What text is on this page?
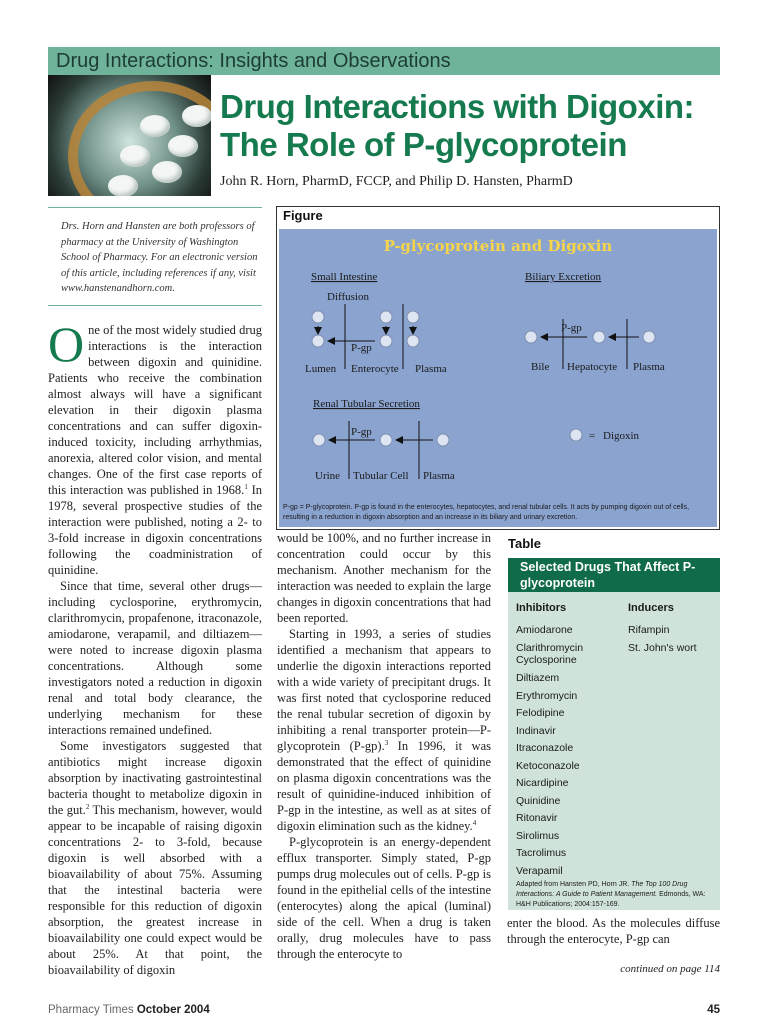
Drug Interactions: Insights and Observations
Drug Interactions with Digoxin:
The Role of P-glycoprotein
John R. Horn, PharmD, FCCP, and Philip D. Hansten, PharmD
Drs. Horn and Hansten are both professors of pharmacy at the University of Washington School of Pharmacy. For an electronic version of this article, including references if any, visit www.hanstenandhorn.com.

One of the most widely studied drug interactions is the interaction between digoxin and quinidine. Patients who receive the combination almost always will have a significant elevation in their digoxin plasma concentrations and can suffer digoxin-induced toxicity, including arrhythmias, anorexia, altered color vision, and mental changes. One of the first case reports of this interaction was published in 1968.$^1$ In 1978, several prospective studies of the interaction were published, noting a 2- to 3-fold increase in digoxin concentrations following the coadministration of quinidine.

Since that time, several other drugs—including cyclosporine, erythromycin, clarithromycin, propafenone, itraconazole, amiodarone, verapamil, and diltiazem—were noted to increase digoxin plasma concentrations. Although some investigators noted a reduction in digoxin renal and total body clearance, the underlying mechanism for these interactions remained undefined.

Some investigators suggested that antibiotics might increase digoxin absorption by inactivating gastrointestinal bacteria thought to metabolize digoxin in the gut.$^2$ This mechanism, however, would appear to be incapable of raising digoxin concentrations 2- to 3-fold, because digoxin is well absorbed with a bioavailability of about 75%. Assuming that the intestinal bacteria were responsible for this reduction of digoxin absorption, the greatest increase in bioavailability one could expect would be about 25%. At that point, the bioavailability of digoxin

Figure
P-glycoprotein and Digoxin
Small Intestine
Diffusion
P-gp
Lumen Enterocyte Plasma
Biliary Excretion
P-gp
Bile Hepatocyte Plasma
Renal Tubular Secretion
P-gp
Urine Tubular Cell Plasma
= Digoxin
P-gp = P-glycoprotein. P-gp is found in the enterocytes, hepatocytes, and renal tubular cells. It acts by pumping digoxin out of cells, resulting in a reduction in digoxin absorption and an increase in its biliary and urinary excretion.

would be 100%, and no further increase in concentration could occur by this mechanism. Another mechanism for the interaction was needed to explain the large changes in digoxin concentrations that had been reported.

Starting in 1993, a series of studies identified a mechanism that appears to underlie the digoxin interactions reported with a wide variety of precipitant drugs. It was first noted that cyclosporine reduced the renal tubular secretion of digoxin by inhibiting a renal transporter protein—P-glycoprotein (P-gp).$^3$ In 1996, it was demonstrated that the effect of quinidine on plasma digoxin concentrations was the result of quinidine-induced inhibition of P-gp in the intestine, as well as at sites of digoxin elimination such as the kidney.$^4$

P-glycoprotein is an energy-dependent efflux transporter. Simply stated, P-gp pumps drug molecules out of cells. P-gp is found in the epithelial cells of the intestine (enterocytes) along the apical (luminal) side of the cell. When a drug is taken orally, drug molecules have to pass through the enterocyte to

Table
Selected Drugs That Affect P-glycoprotein
Inhibitors	Inducers
Amiodarone
Clarithromycin
Cyclosporine
Diltiazem
Erythromycin
Felodipine
Indinavir
Itraconazole
Ketoconazole
Nicardipine
Quinidine
Ritonavir
Sirolimus
Tacrolimus
Verapamil
Rifampin
St. John's wort
Adapted from Hansten PD, Horn JR. The Top 100 Drug Interactions: A Guide to Patient Management. Edmonds, WA: H&H Publications; 2004:157-169.

enter the blood. As the molecules diffuse through the enterocyte, P-gp can

continued on page 114
Pharmacy Times October 2004	45
